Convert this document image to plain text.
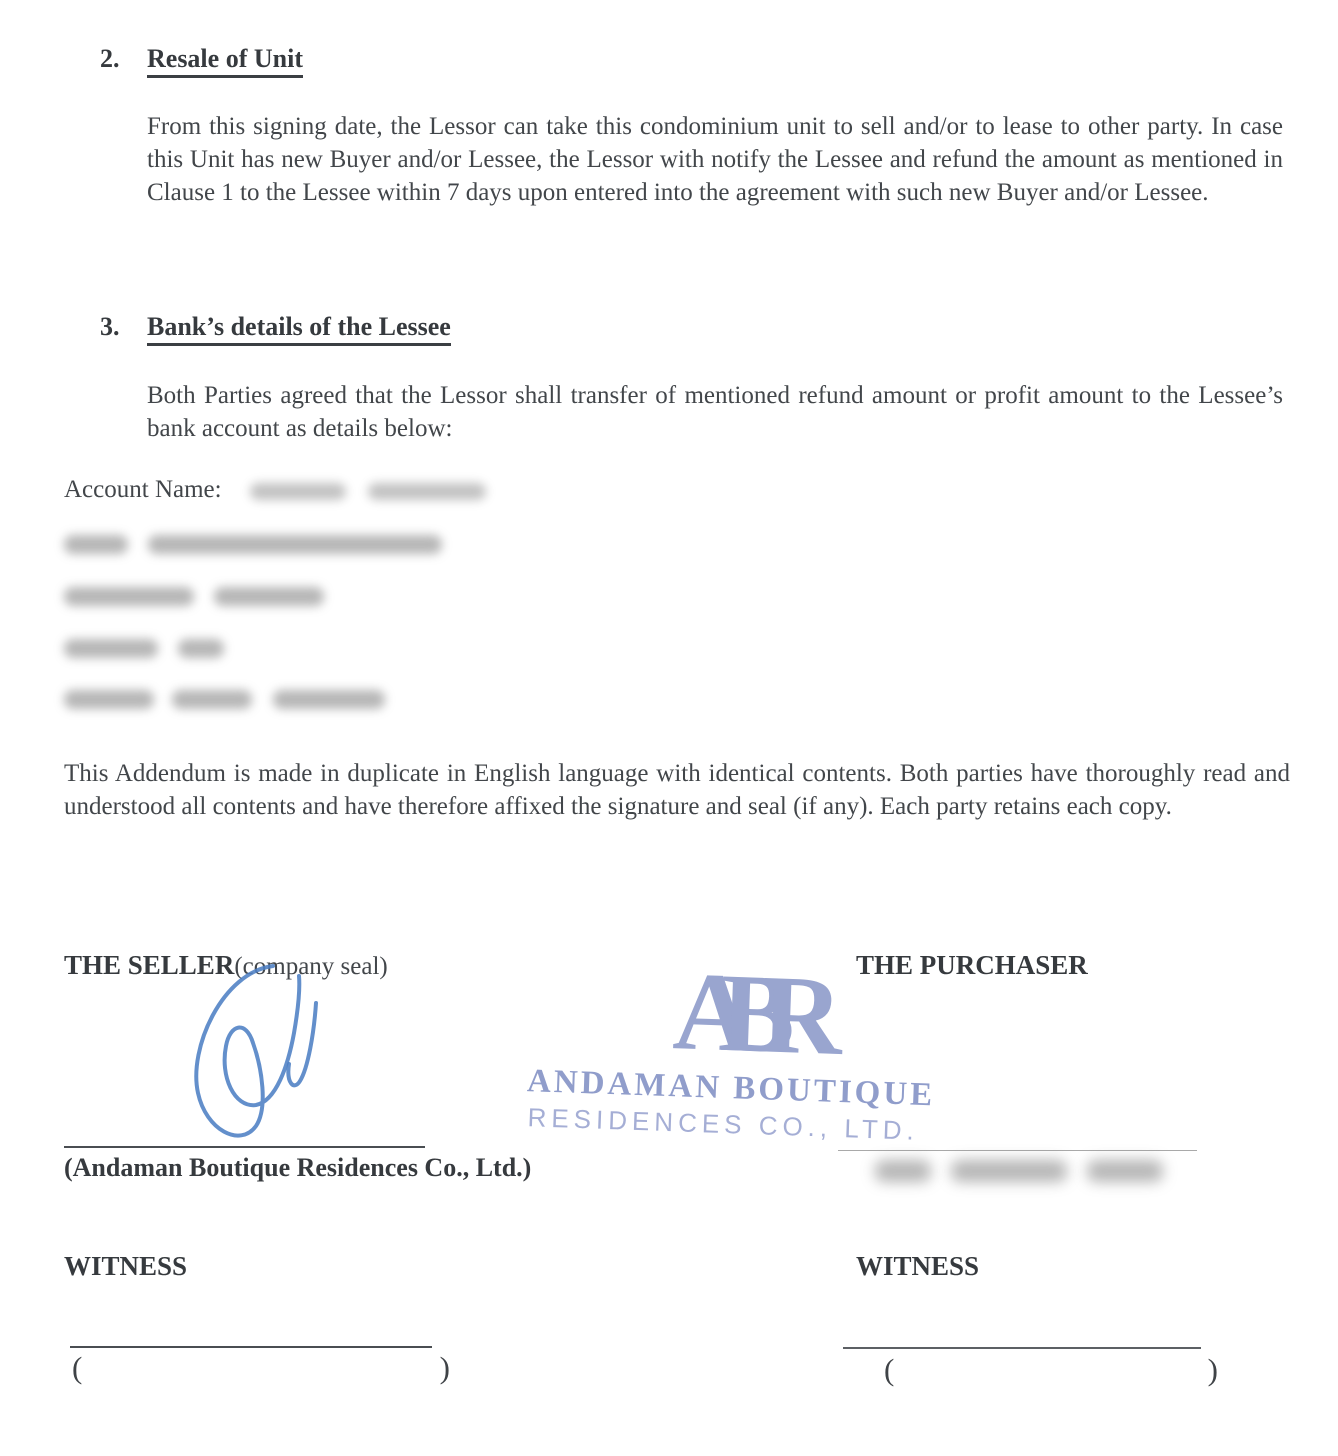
2. Resale of Unit
From this signing date, the Lessor can take this condominium unit to sell and/or to lease to other party. In case this Unit has new Buyer and/or Lessee, the Lessor with notify the Lessee and refund the amount as mentioned in Clause 1 to the Lessee within 7 days upon entered into the agreement with such new Buyer and/or Lessee.
3. Bank’s details of the Lessee
Both Parties agreed that the Lessor shall transfer of mentioned refund amount or profit amount to the Lessee’s bank account as details below:
Account Name:

This Addendum is made in duplicate in English language with identical contents. Both parties have thoroughly read and understood all contents and have therefore affixed the signature and seal (if any). Each party retains each copy.
THE SELLER(company seal)	THE PURCHASER
ABR
ANDAMAN BOUTIQUE
RESIDENCES CO., LTD.
(Andaman Boutique Residences Co., Ltd.)

WITNESS	WITNESS
(	)	(	)
